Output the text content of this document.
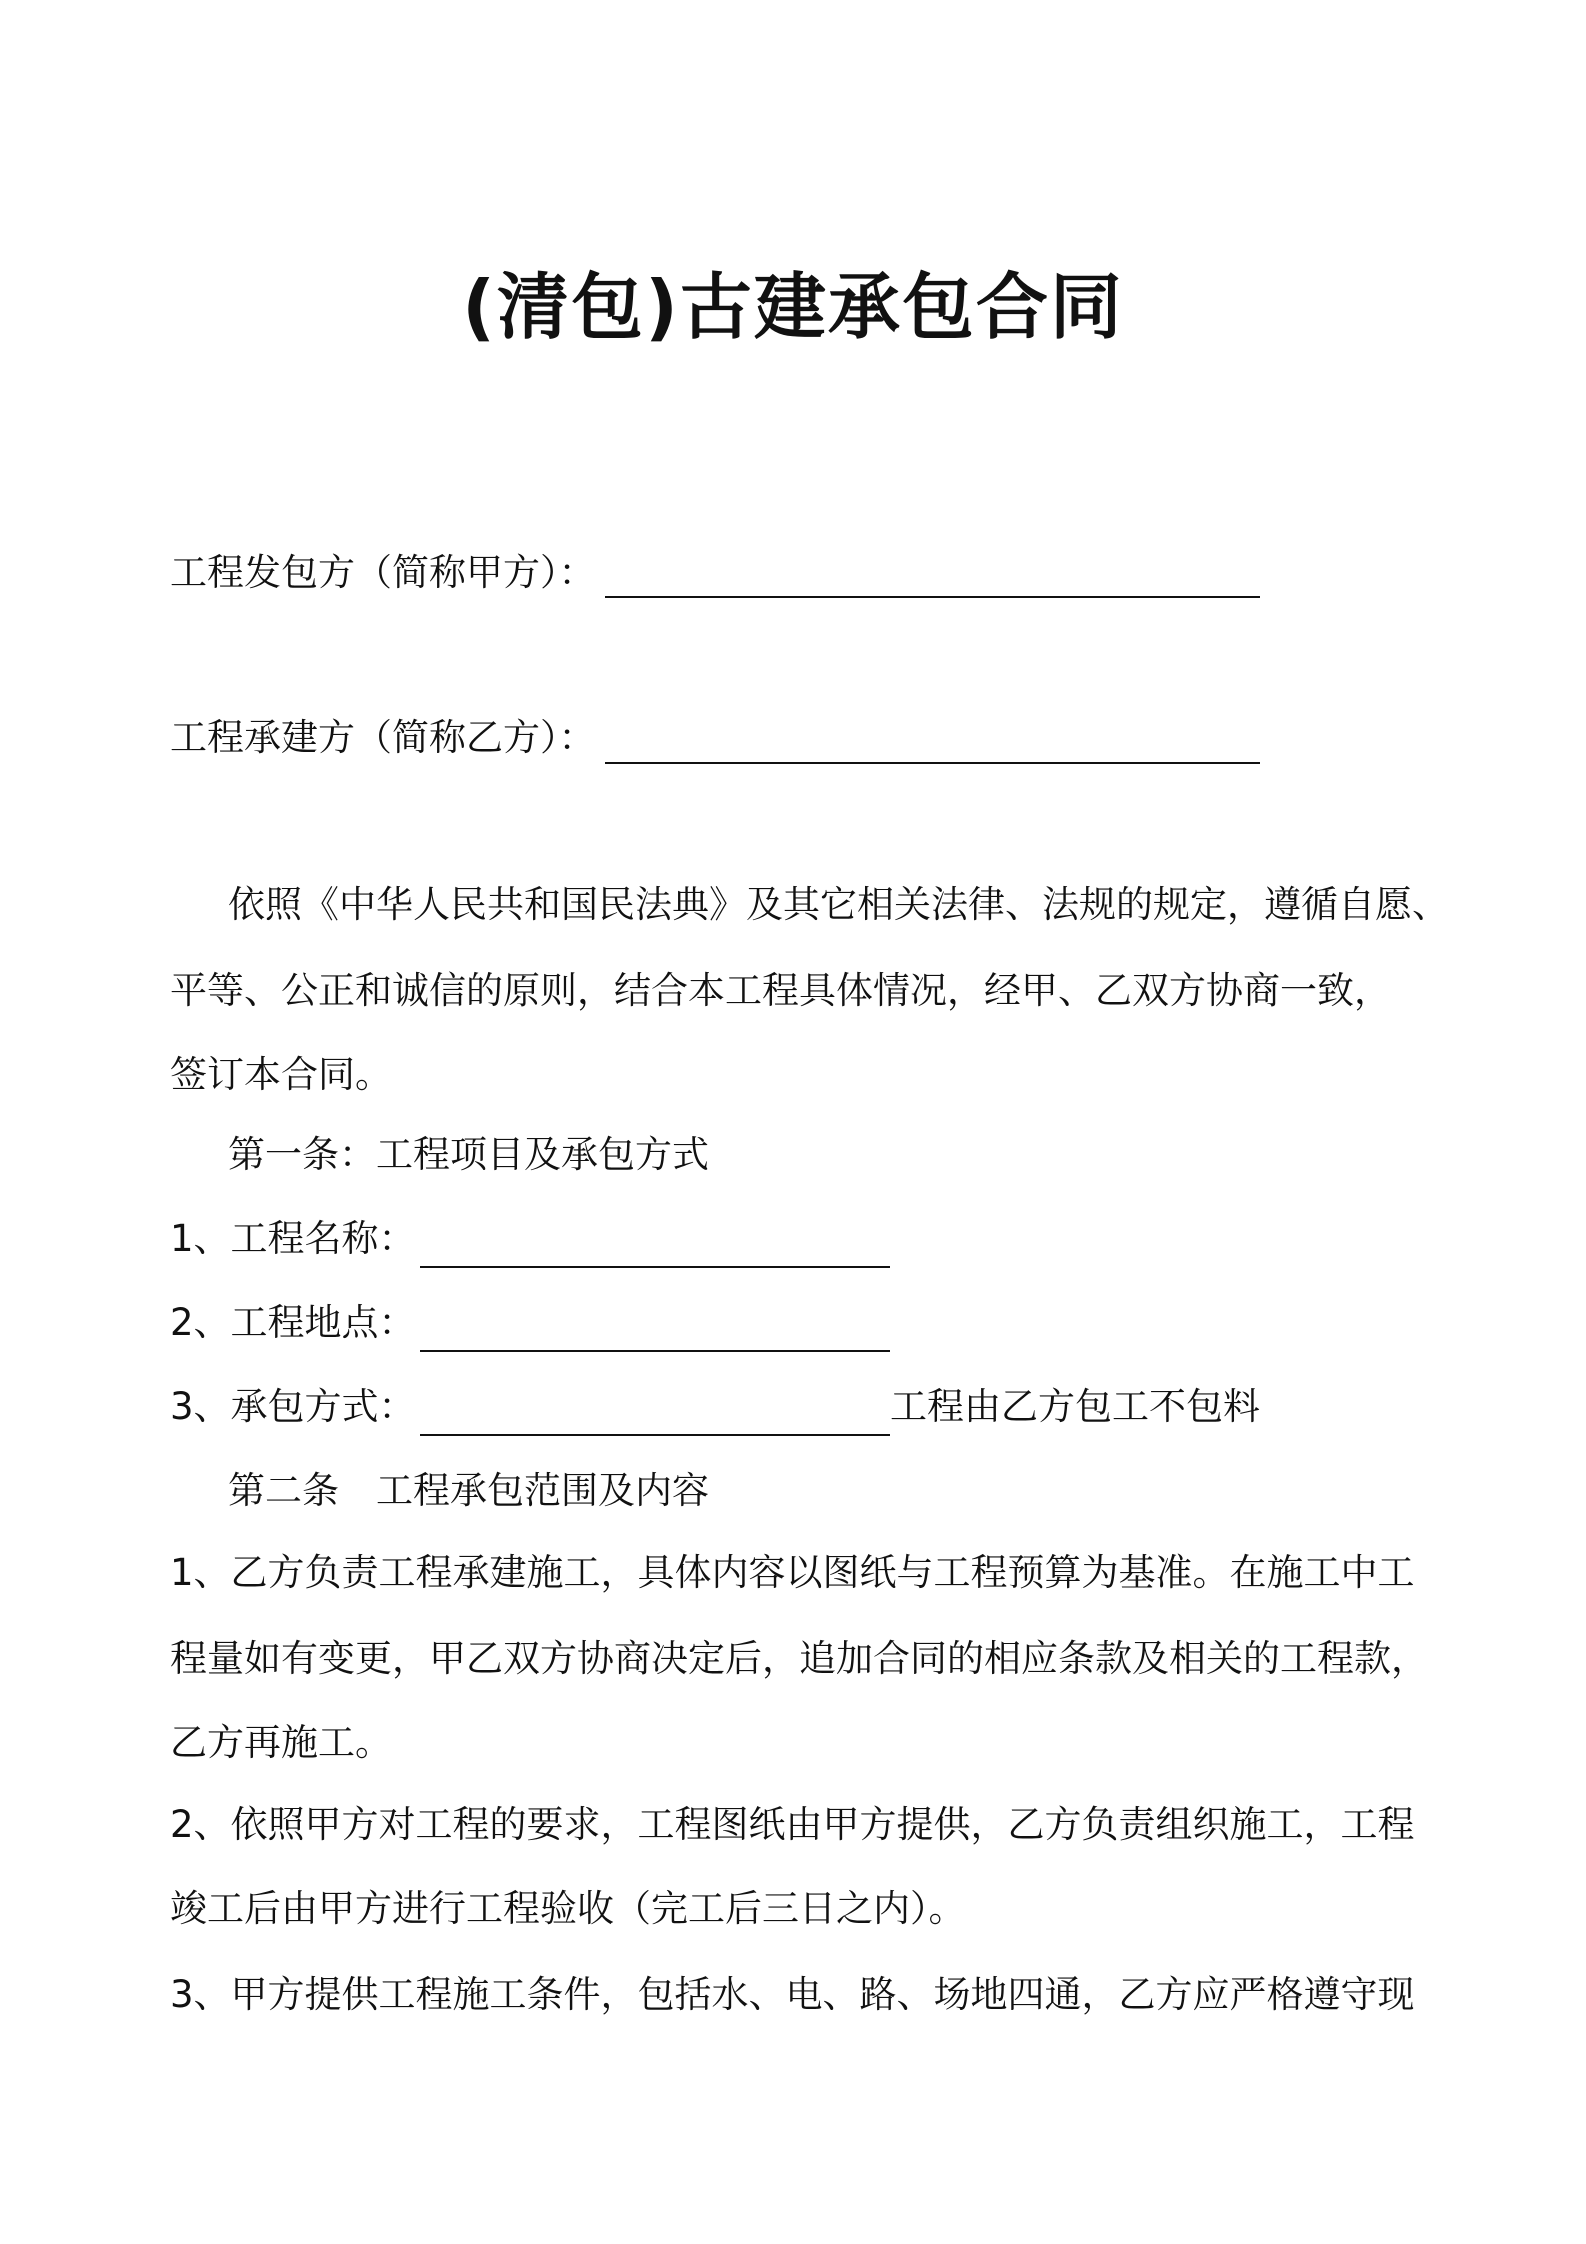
(清包)古建承包合同
工程发包方（简称甲方）：
工程承建方（简称乙方）：
依照《中华人民共和国民法典》及其它相关法律、法规的规定，遵循自愿、
平等、公正和诚信的原则，结合本工程具体情况，经甲、乙双方协商一致，
签订本合同。
第一条：工程项目及承包方式
1、工程名称：
2、工程地点：
3、承包方式：	工程由乙方包工不包料
第二条　工程承包范围及内容
1、乙方负责工程承建施工，具体内容以图纸与工程预算为基准。在施工中工
程量如有变更，甲乙双方协商决定后，追加合同的相应条款及相关的工程款，
乙方再施工。
2、依照甲方对工程的要求，工程图纸由甲方提供，乙方负责组织施工，工程
竣工后由甲方进行工程验收（完工后三日之内）。
3、甲方提供工程施工条件，包括水、电、路、场地四通，乙方应严格遵守现
